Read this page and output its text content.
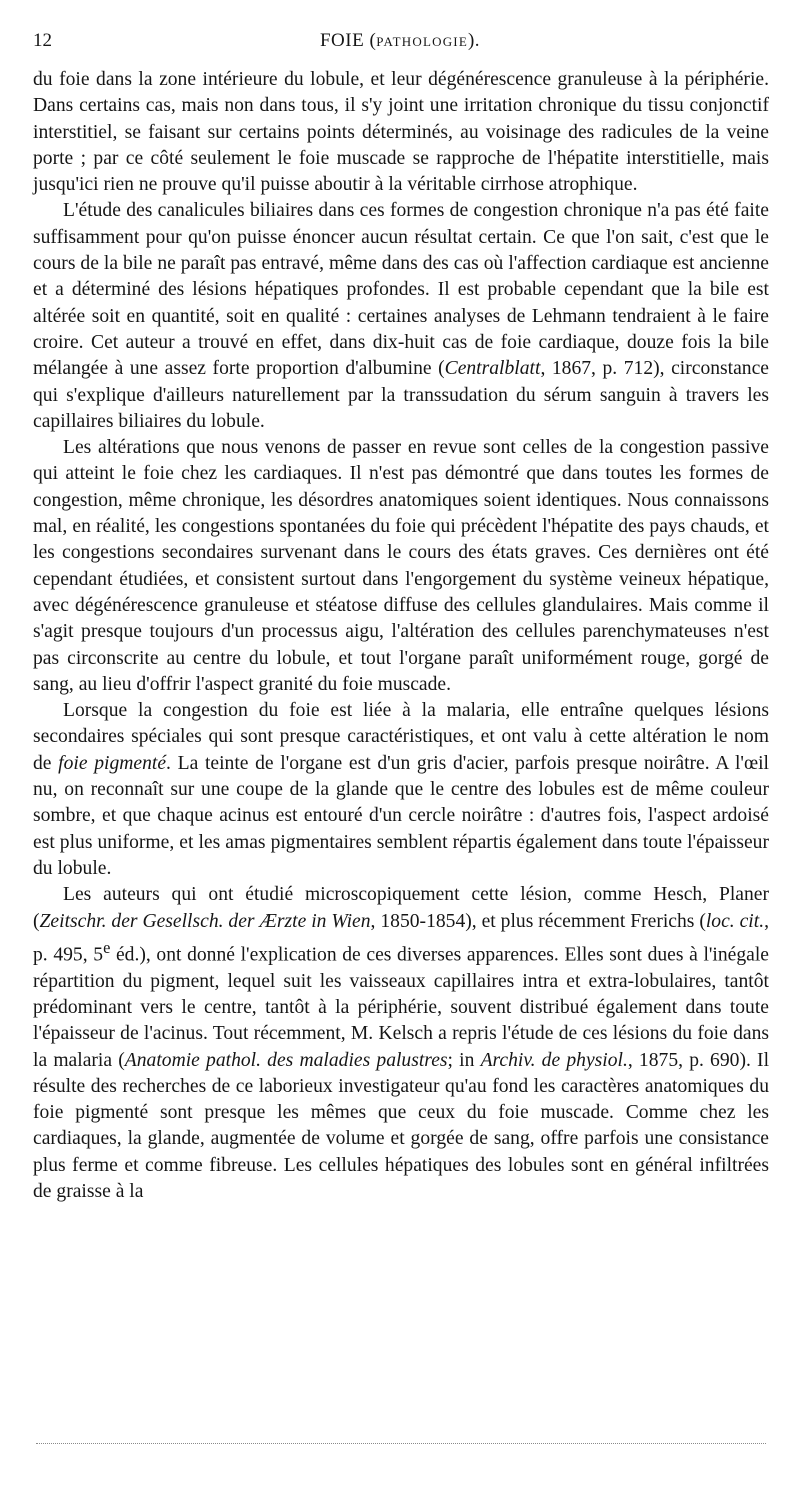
12	FOIE (PATHOLOGIE).

du foie dans la zone intérieure du lobule, et leur dégénérescence granuleuse à la périphérie. Dans certains cas, mais non dans tous, il s'y joint une irritation chronique du tissu conjonctif interstitiel, se faisant sur certains points déterminés, au voisinage des radicules de la veine porte ; par ce côté seulement le foie muscade se rapproche de l'hépatite interstitielle, mais jusqu'ici rien ne prouve qu'il puisse aboutir à la véritable cirrhose atrophique.

L'étude des canalicules biliaires dans ces formes de congestion chronique n'a pas été faite suffisamment pour qu'on puisse énoncer aucun résultat certain. Ce que l'on sait, c'est que le cours de la bile ne paraît pas entravé, même dans des cas où l'affection cardiaque est ancienne et a déterminé des lésions hépatiques profondes. Il est probable cependant que la bile est altérée soit en quantité, soit en qualité : certaines analyses de Lehmann tendraient à le faire croire. Cet auteur a trouvé en effet, dans dix-huit cas de foie cardiaque, douze fois la bile mélangée à une assez forte proportion d'albumine (Centralblatt, 1867, p. 712), circonstance qui s'explique d'ailleurs naturellement par la transsudation du sérum sanguin à travers les capillaires biliaires du lobule.

Les altérations que nous venons de passer en revue sont celles de la congestion passive qui atteint le foie chez les cardiaques. Il n'est pas démontré que dans toutes les formes de congestion, même chronique, les désordres anatomiques soient identiques. Nous connaissons mal, en réalité, les congestions spontanées du foie qui précèdent l'hépatite des pays chauds, et les congestions secondaires survenant dans le cours des états graves. Ces dernières ont été cependant étudiées, et consistent surtout dans l'engorgement du système veineux hépatique, avec dégénérescence granuleuse et stéatose diffuse des cellules glandulaires. Mais comme il s'agit presque toujours d'un processus aigu, l'altération des cellules parenchymateuses n'est pas circonscrite au centre du lobule, et tout l'organe paraît uniformément rouge, gorgé de sang, au lieu d'offrir l'aspect granité du foie muscade.

Lorsque la congestion du foie est liée à la malaria, elle entraîne quelques lésions secondaires spéciales qui sont presque caractéristiques, et ont valu à cette altération le nom de foie pigmenté. La teinte de l'organe est d'un gris d'acier, parfois presque noirâtre. A l'œil nu, on reconnaît sur une coupe de la glande que le centre des lobules est de même couleur sombre, et que chaque acinus est entouré d'un cercle noirâtre : d'autres fois, l'aspect ardoisé est plus uniforme, et les amas pigmentaires semblent répartis également dans toute l'épaisseur du lobule.

Les auteurs qui ont étudié microscopiquement cette lésion, comme Hesch, Planer (Zeitschr. der Gesellsch. der Ærzte in Wien, 1850-1854), et plus récemment Frerichs (loc. cit., p. 495, 5e éd.), ont donné l'explication de ces diverses apparences. Elles sont dues à l'inégale répartition du pigment, lequel suit les vaisseaux capillaires intra et extra-lobulaires, tantôt prédominant vers le centre, tantôt à la périphérie, souvent distribué également dans toute l'épaisseur de l'acinus. Tout récemment, M. Kelsch a repris l'étude de ces lésions du foie dans la malaria (Anatomie pathol. des maladies palustres; in Archiv. de physiol., 1875, p. 690). Il résulte des recherches de ce laborieux investigateur qu'au fond les caractères anatomiques du foie pigmenté sont presque les mêmes que ceux du foie muscade. Comme chez les cardiaques, la glande, augmentée de volume et gorgée de sang, offre parfois une consistance plus ferme et comme fibreuse. Les cellules hépatiques des lobules sont en général infiltrées de graisse à la
